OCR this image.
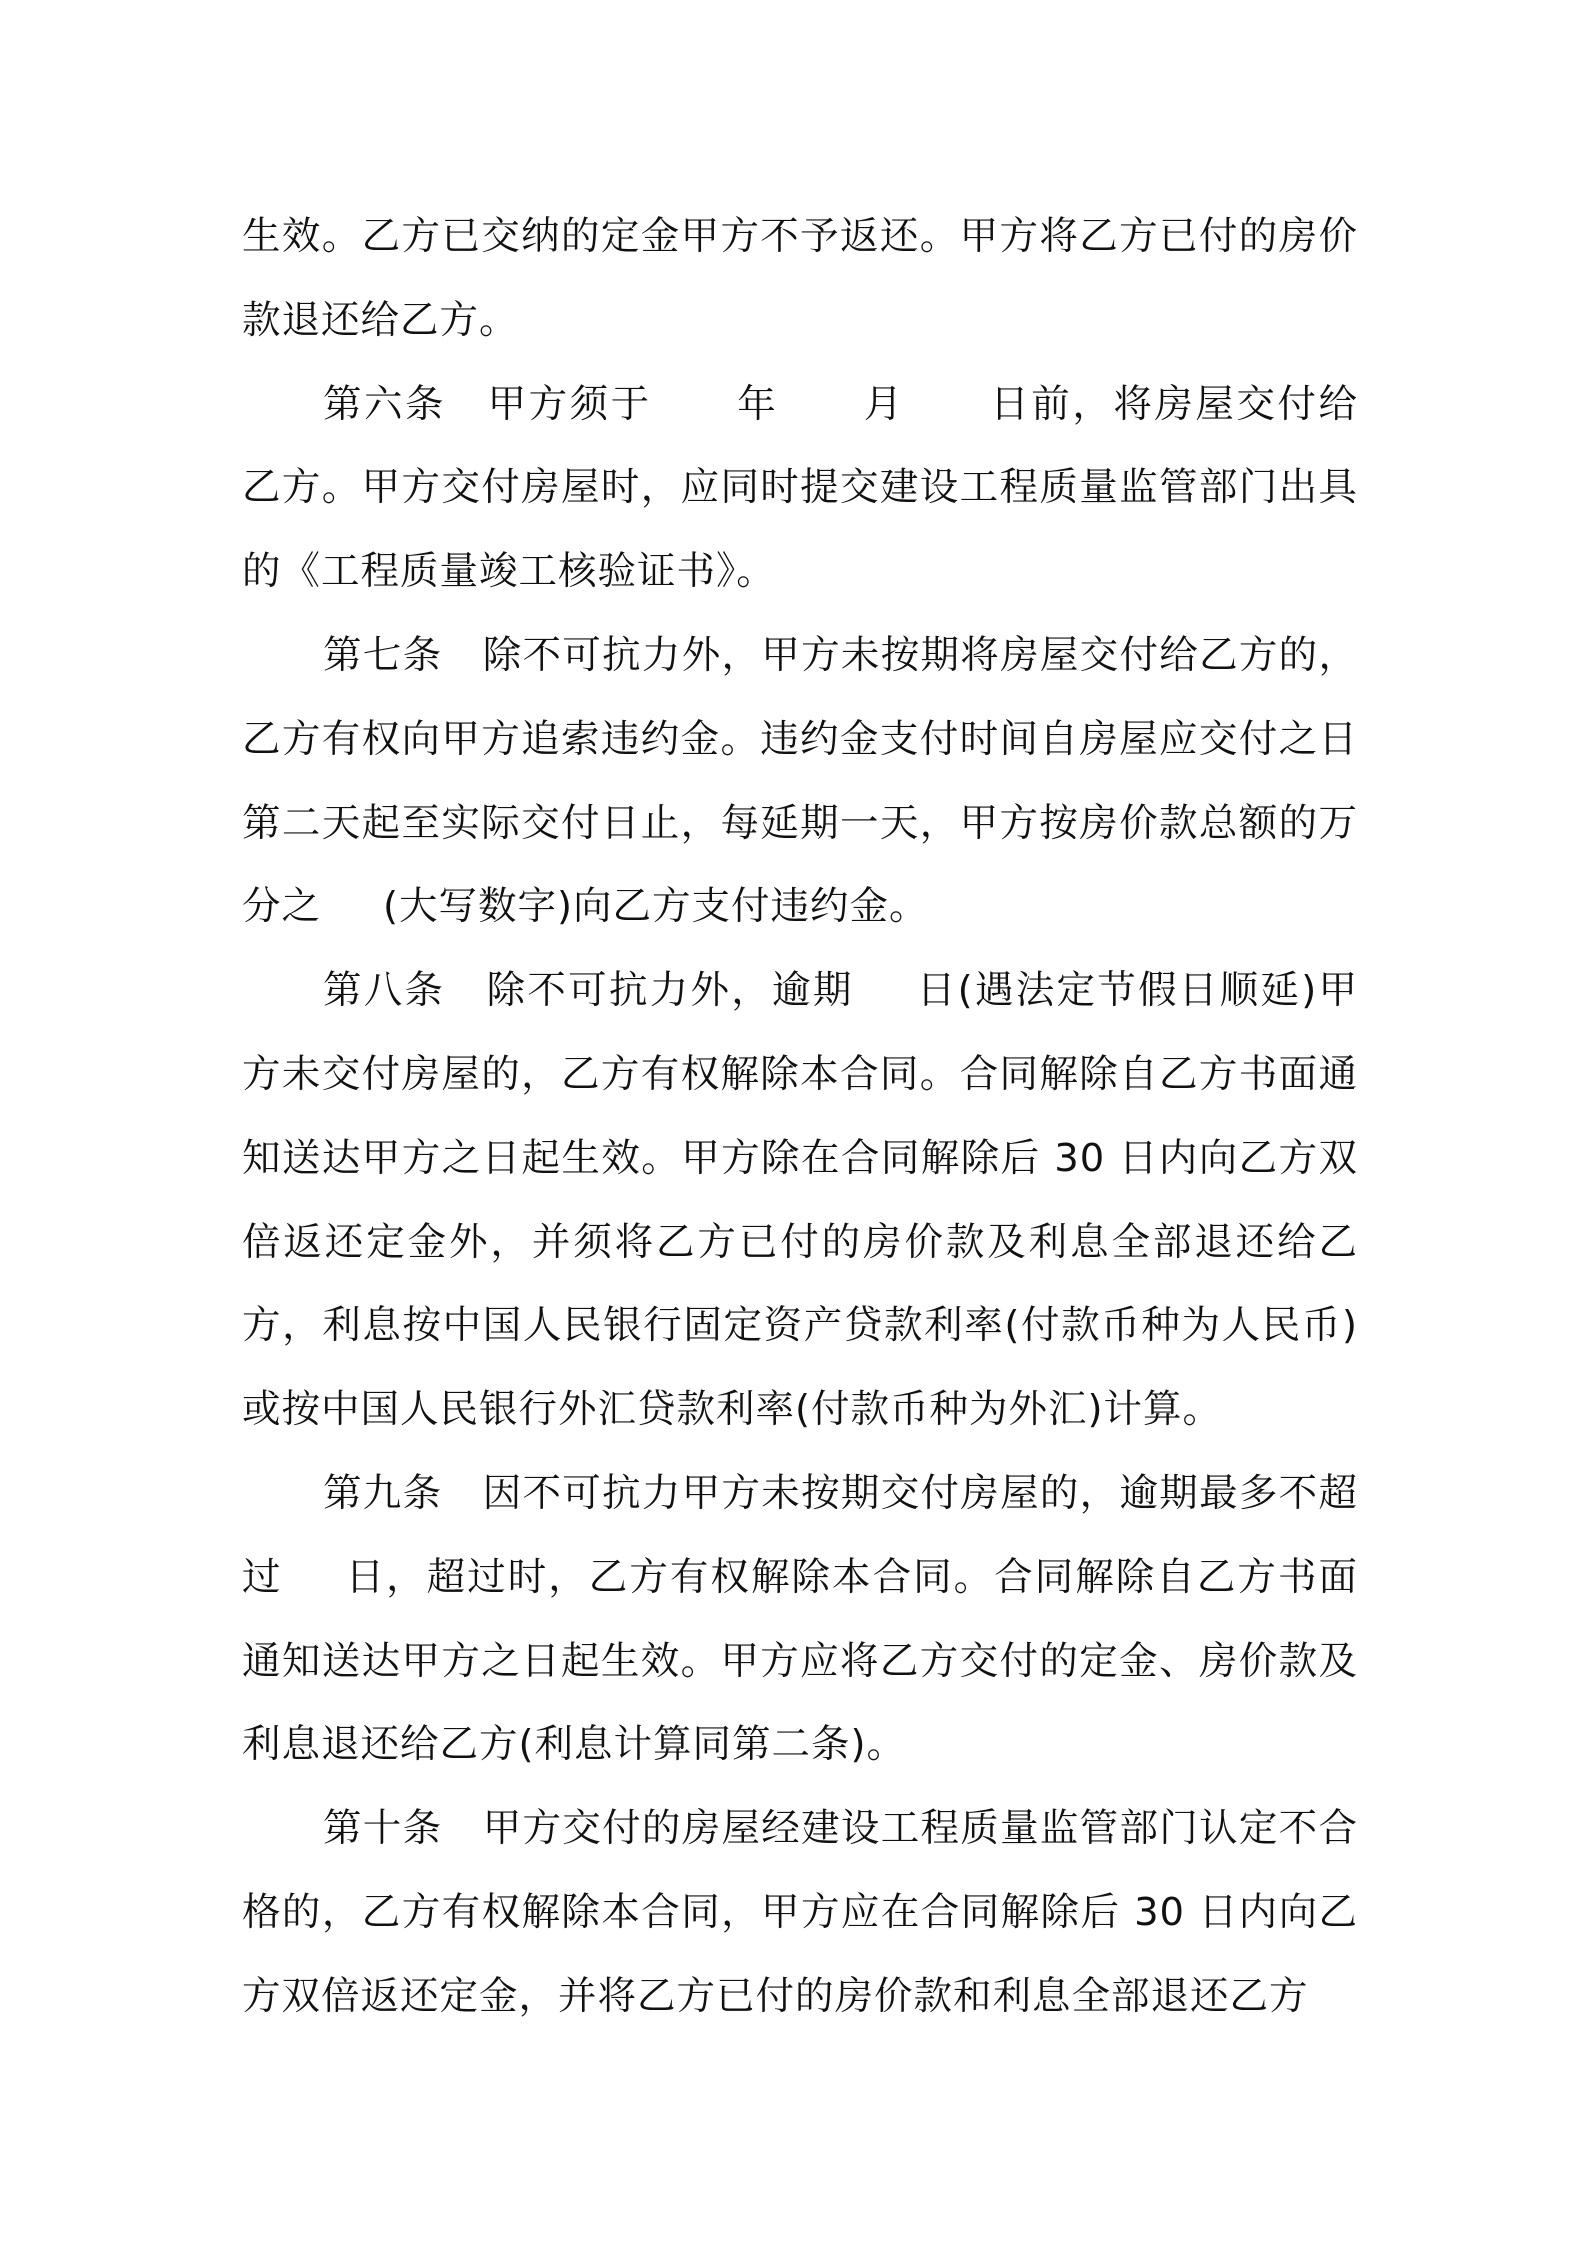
生效。乙方已交纳的定金甲方不予返还。甲方将乙方已付的房价款退还给乙方。

第六条 甲方须于 年 月 日前，将房屋交付给乙方。甲方交付房屋时，应同时提交建设工程质量监管部门出具的《工程质量竣工核验证书》。

第七条 除不可抗力外，甲方未按期将房屋交付给乙方的，乙方有权向甲方追索违约金。违约金支付时间自房屋应交付之日第二天起至实际交付日止，每延期一天，甲方按房价款总额的万分之 (大写数字)向乙方支付违约金。

第八条 除不可抗力外，逾期 日(遇法定节假日顺延)甲方未交付房屋的，乙方有权解除本合同。合同解除自乙方书面通知送达甲方之日起生效。甲方除在合同解除后 30 日内向乙方双倍返还定金外，并须将乙方已付的房价款及利息全部退还给乙方，利息按中国人民银行固定资产贷款利率(付款币种为人民币)或按中国人民银行外汇贷款利率(付款币种为外汇)计算。

第九条 因不可抗力甲方未按期交付房屋的，逾期最多不超过 日，超过时，乙方有权解除本合同。合同解除自乙方书面通知送达甲方之日起生效。甲方应将乙方交付的定金、房价款及利息退还给乙方(利息计算同第二条)。

第十条 甲方交付的房屋经建设工程质量监管部门认定不合格的，乙方有权解除本合同，甲方应在合同解除后 30 日内向乙方双倍返还定金，并将乙方已付的房价款和利息全部退还乙方
